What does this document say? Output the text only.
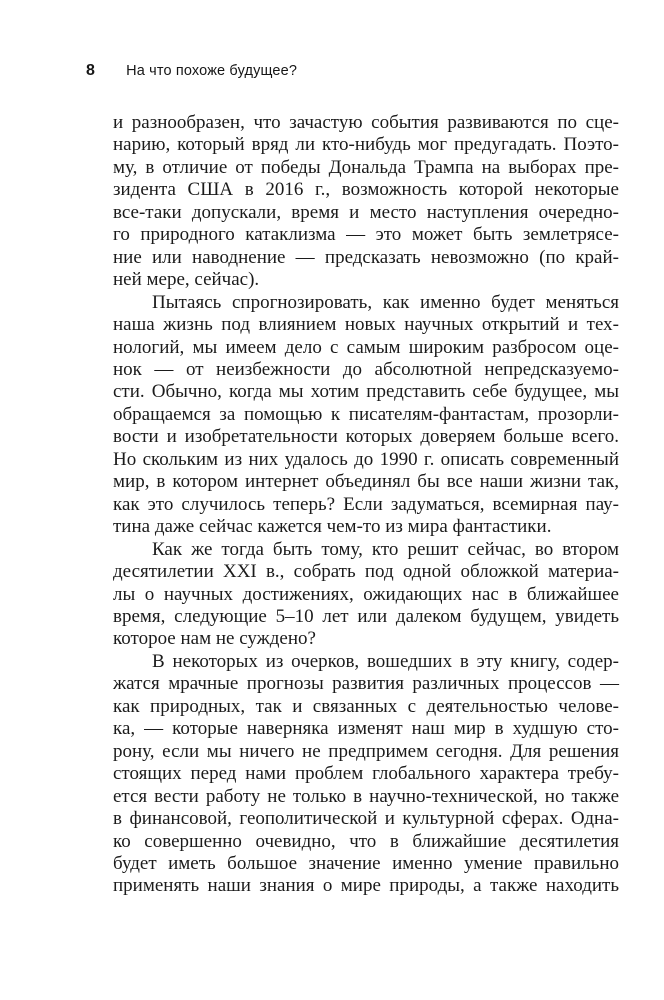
8 На что похоже будущее?
и разнообразен, что зачастую события развиваются по сце-
нарию, который вряд ли кто-нибудь мог предугадать. Поэто-
му, в отличие от победы Дональда Трампа на выборах пре-
зидента США в 2016 г., возможность которой некоторые
все-таки допускали, время и место наступления очередно-
го природного катаклизма — это может быть землетрясе-
ние или наводнение — предсказать невозможно (по край-
ней мере, сейчас).
Пытаясь спрогнозировать, как именно будет меняться
наша жизнь под влиянием новых научных открытий и тех-
нологий, мы имеем дело с самым широким разбросом оце-
нок — от неизбежности до абсолютной непредсказуемо-
сти. Обычно, когда мы хотим представить себе будущее, мы
обращаемся за помощью к писателям-фантастам, прозорли-
вости и изобретательности которых доверяем больше всего.
Но скольким из них удалось до 1990 г. описать современный
мир, в котором интернет объединял бы все наши жизни так,
как это случилось теперь? Если задуматься, всемирная пау-
тина даже сейчас кажется чем-то из мира фантастики.
Как же тогда быть тому, кто решит сейчас, во втором
десятилетии XXI в., собрать под одной обложкой материа-
лы о научных достижениях, ожидающих нас в ближайшее
время, следующие 5–10 лет или далеком будущем, увидеть
которое нам не суждено?
В некоторых из очерков, вошедших в эту книгу, содер-
жатся мрачные прогнозы развития различных процессов —
как природных, так и связанных с деятельностью челове-
ка, — которые наверняка изменят наш мир в худшую сто-
рону, если мы ничего не предпримем сегодня. Для решения
стоящих перед нами проблем глобального характера требу-
ется вести работу не только в научно-технической, но также
в финансовой, геополитической и культурной сферах. Одна-
ко совершенно очевидно, что в ближайшие десятилетия
будет иметь большое значение именно умение правильно
применять наши знания о мире природы, а также находить
